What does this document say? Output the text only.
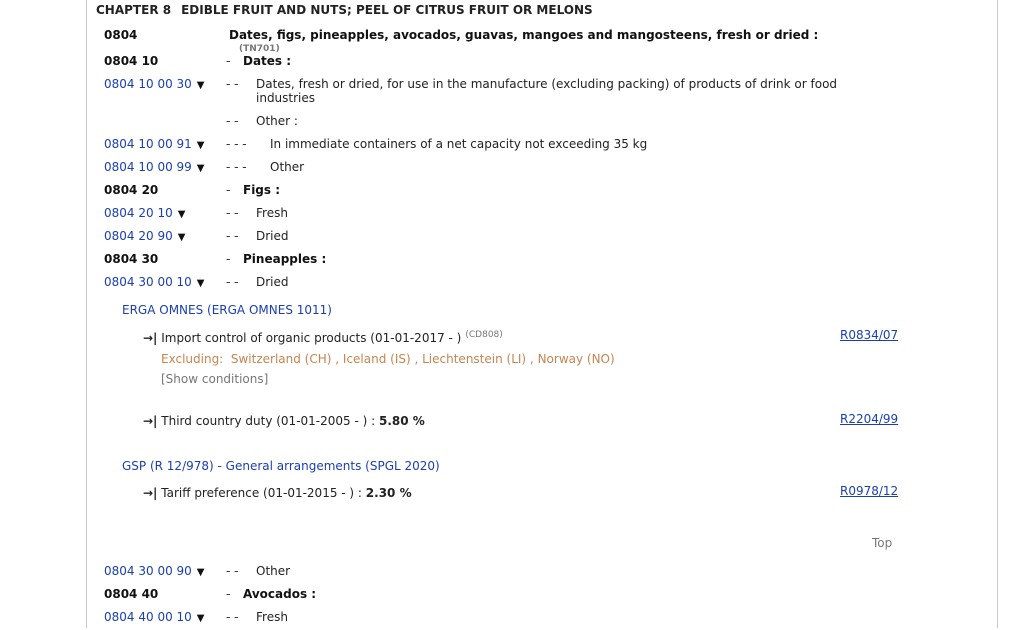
CHAPTER 8 EDIBLE FRUIT AND NUTS; PEEL OF CITRUS FRUIT OR MELONS
0804	Dates, figs, pineapples, avocados, guavas, mangoes and mangosteens, fresh or dried :$^{(TN701)}$
0804 10	- Dates :
0804 10 00 30 ▼ - - Dates, fresh or dried, for use in the manufacture (excluding packing) of products of drink or food industries
- - Other :
0804 10 00 91 ▼ - - - In immediate containers of a net capacity not exceeding 35 kg
0804 10 00 99 ▼ - - - Other
0804 20	- Figs :
0804 20 10 ▼	- - Fresh
0804 20 90 ▼	- - Dried
0804 30	- Pineapples :
0804 30 00 10 ▼ - - Dried
ERGA OMNES (ERGA OMNES 1011)
→| Import control of organic products (01-01-2017 - ) $^{(CD808)}$	R0834/07
Excluding: Switzerland (CH) , Iceland (IS) , Liechtenstein (LI) , Norway (NO)
[Show conditions]
→| Third country duty (01-01-2005 - ) : 5.80 %	R2204/99
GSP (R 12/978) - General arrangements (SPGL 2020)
→| Tariff preference (01-01-2015 - ) : 2.30 %	R0978/12
Top
0804 30 00 90 ▼ - - Other
0804 40	- Avocados :
0804 40 00 10 ▼ - - Fresh
